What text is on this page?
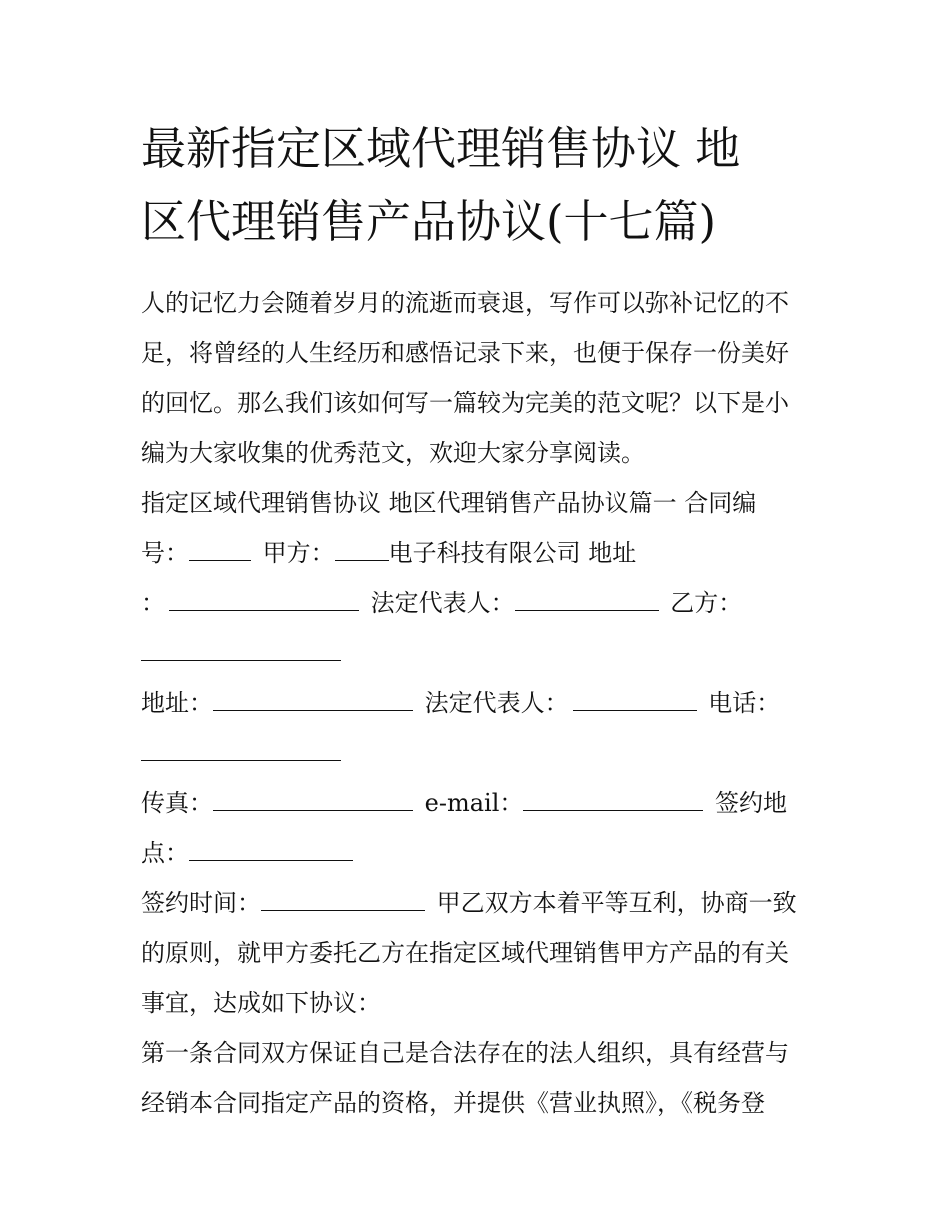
最新指定区域代理销售协议 地
区代理销售产品协议(十七篇)
人的记忆力会随着岁月的流逝而衰退，写作可以弥补记忆的不
足，将曾经的人生经历和感悟记录下来，也便于保存一份美好
的回忆。那么我们该如何写一篇较为完美的范文呢？以下是小
编为大家收集的优秀范文，欢迎大家分享阅读。
指定区域代理销售协议 地区代理销售产品协议篇一 合同编
号：	甲方： 电子科技有限公司 地址
：	法定代表人：	乙方：
地址：	法定代表人：	电话：
传真：	e-mail：	签约地
点：
签约时间：	甲乙双方本着平等互利，协商一致
的原则，就甲方委托乙方在指定区域代理销售甲方产品的有关
事宜，达成如下协议：
第一条合同双方保证自己是合法存在的法人组织，具有经营与
经销本合同指定产品的资格，并提供《营业执照》，《税务登
